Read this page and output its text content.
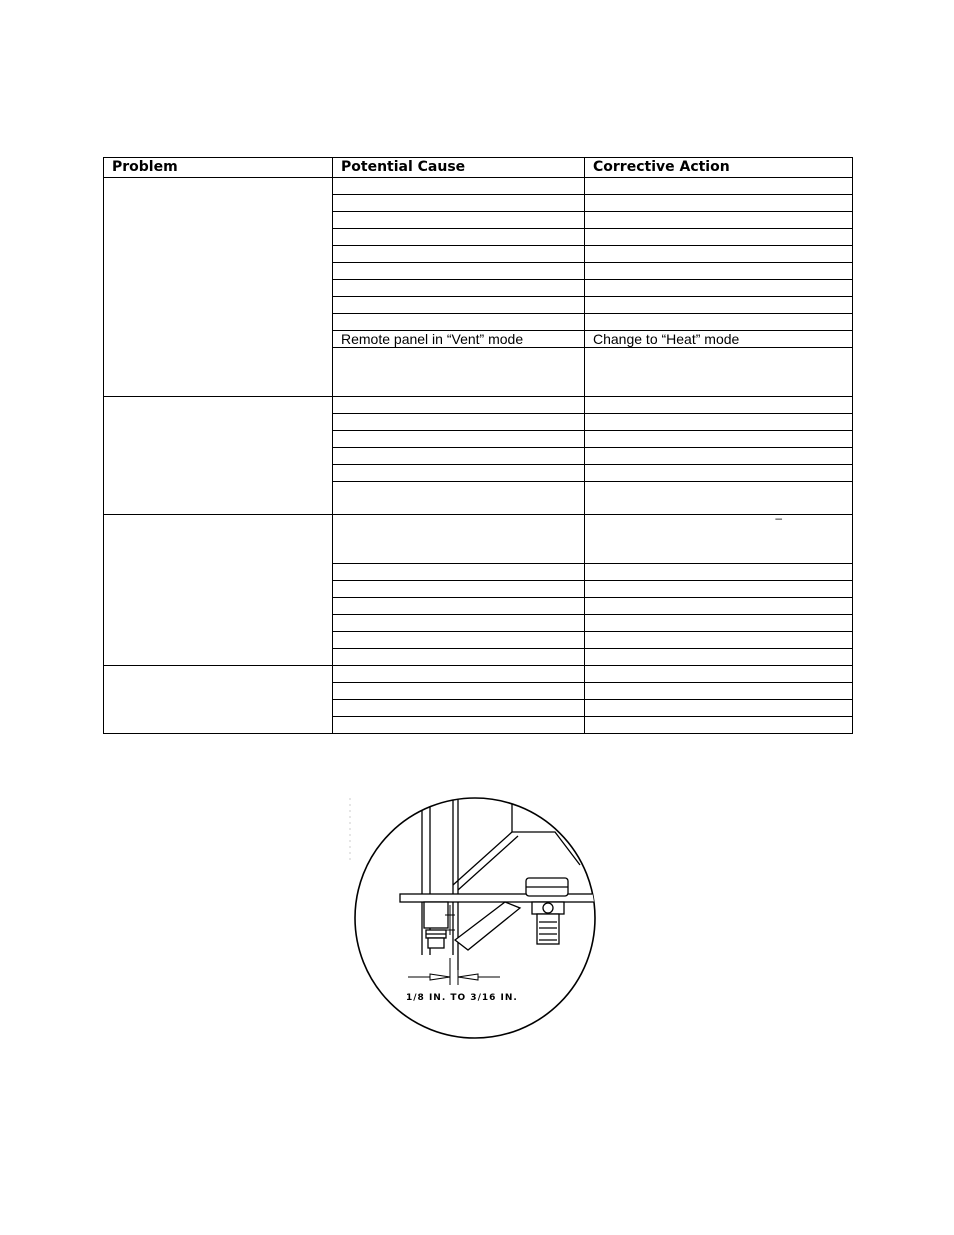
Problem	Potential Cause	Corrective Action

	Remote panel in “Vent” mode	Change to “Heat” mode

		–

1/8 IN. TO 3/16 IN.
